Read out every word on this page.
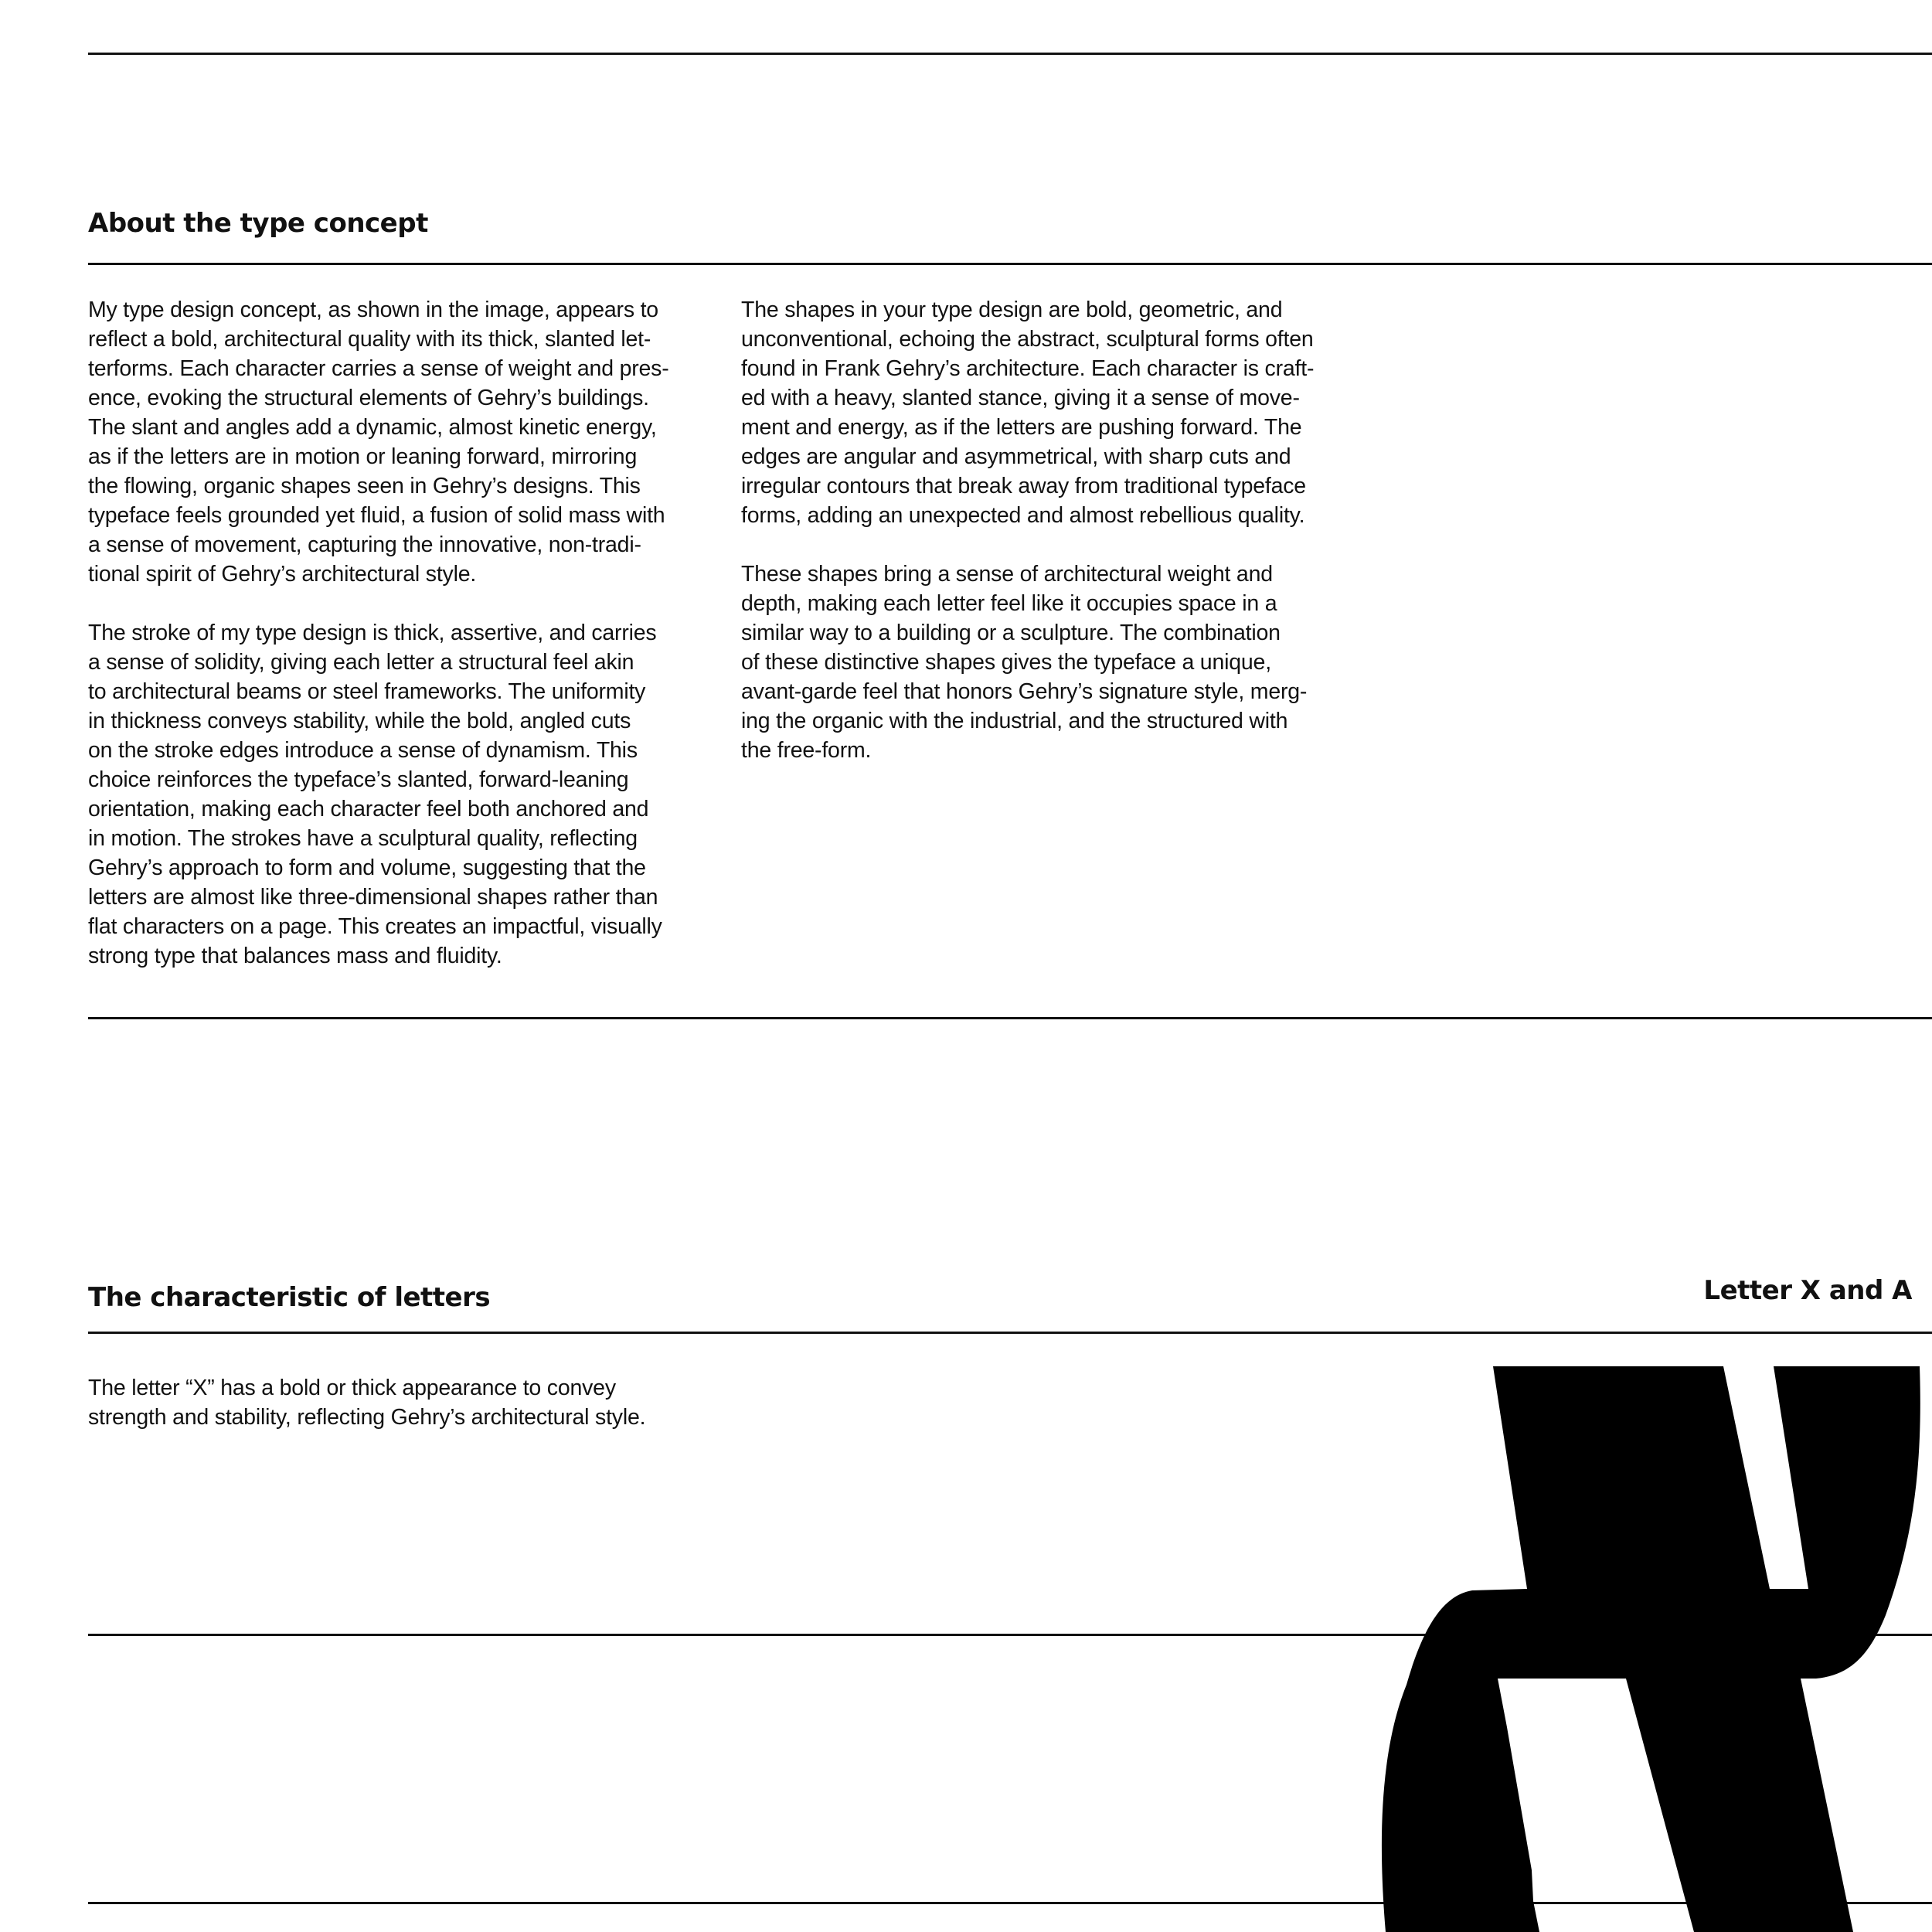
About the type concept

My type design concept, as shown in the image, appears to
reflect a bold, architectural quality with its thick, slanted let-
terforms. Each character carries a sense of weight and pres-
ence, evoking the structural elements of Gehry’s buildings.
The slant and angles add a dynamic, almost kinetic energy,
as if the letters are in motion or leaning forward, mirroring
the flowing, organic shapes seen in Gehry’s designs. This
typeface feels grounded yet fluid, a fusion of solid mass with
a sense of movement, capturing the innovative, non-tradi-
tional spirit of Gehry’s architectural style.

The stroke of my type design is thick, assertive, and carries
a sense of solidity, giving each letter a structural feel akin
to architectural beams or steel frameworks. The uniformity
in thickness conveys stability, while the bold, angled cuts
on the stroke edges introduce a sense of dynamism. This
choice reinforces the typeface’s slanted, forward-leaning
orientation, making each character feel both anchored and
in motion. The strokes have a sculptural quality, reflecting
Gehry’s approach to form and volume, suggesting that the
letters are almost like three-dimensional shapes rather than
flat characters on a page. This creates an impactful, visually
strong type that balances mass and fluidity.

The shapes in your type design are bold, geometric, and
unconventional, echoing the abstract, sculptural forms often
found in Frank Gehry’s architecture. Each character is craft-
ed with a heavy, slanted stance, giving it a sense of move-
ment and energy, as if the letters are pushing forward. The
edges are angular and asymmetrical, with sharp cuts and
irregular contours that break away from traditional typeface
forms, adding an unexpected and almost rebellious quality.

These shapes bring a sense of architectural weight and
depth, making each letter feel like it occupies space in a
similar way to a building or a sculpture. The combination
of these distinctive shapes gives the typeface a unique,
avant-garde feel that honors Gehry’s signature style, merg-
ing the organic with the industrial, and the structured with
the free-form.

The characteristic of letters	Letter X and A

The letter “X” has a bold or thick appearance to convey
strength and stability, reflecting Gehry’s architectural style.
